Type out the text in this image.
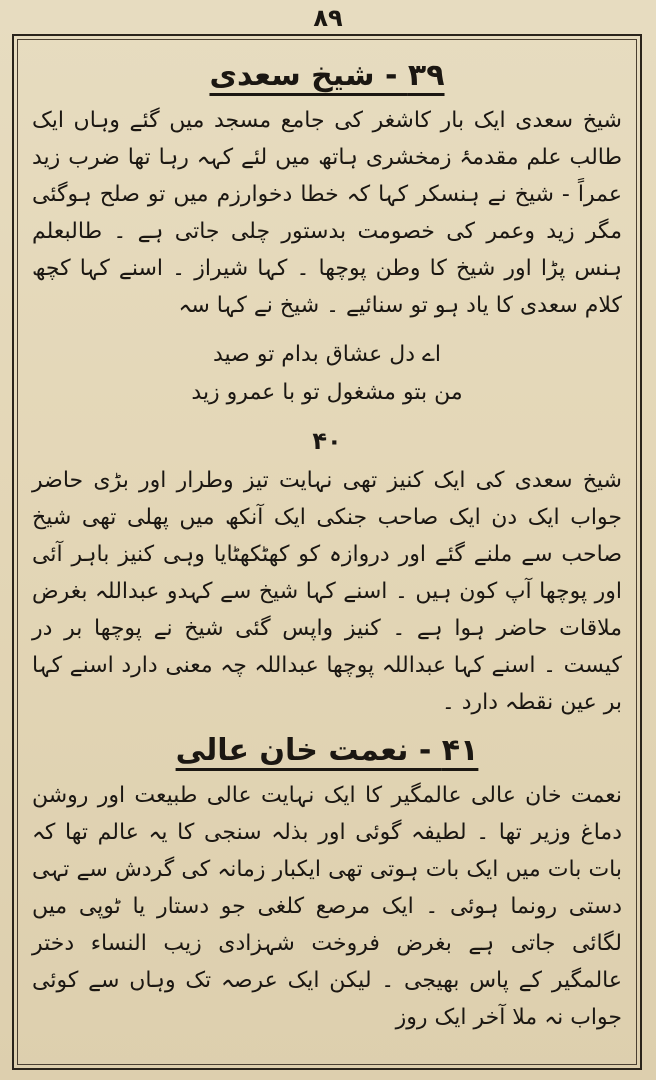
۸۹
۳۹ - شیخ سعدی

شیخ سعدی ایک بار کاشغر کی جامع مسجد میں گئے وہاں ایک طالب علم مقدمۂ زمخشری ہاتھ میں لئے کہہ رہا تھا ضرب زید عمراً - شیخ نے ہنسکر کہا کہ خطا دخوارزم میں تو صلح ہوگئی مگر زید وعمر کی خصومت بدستور چلی جاتی ہے ۔ طالبعلم ہنس پڑا اور شیخ کا وطن پوچھا ۔ کہا شیراز ۔ اسنے کہا کچھ کلام سعدی کا یاد ہو تو سنائیے ۔ شیخ نے کہا سہ

اے دل عشاق بدام تو صید
من بتو مشغول تو با عمرو زید
۴۰

شیخ سعدی کی ایک کنیز تھی نہایت تیز وطرار اور بڑی حاضر جواب ایک دن ایک صاحب جنکی ایک آنکھ میں پھلی تھی شیخ صاحب سے ملنے گئے اور دروازہ کو کھٹکھٹایا وہی کنیز باہر آئی اور پوچھا آپ کون ہیں ۔ اسنے کہا شیخ سے کہدو عبداللہ بغرض ملاقات حاضر ہوا ہے ۔ کنیز واپس گئی شیخ نے پوچھا بر در کیست ۔ اسنے کہا عبداللہ پوچھا عبداللہ چہ معنی دارد اسنے کہا بر عین نقطہ دارد ۔

۴۱ - نعمت خان عالی

نعمت خان عالی عالمگیر کا ایک نہایت عالی طبیعت اور روشن دماغ وزیر تھا ۔ لطیفہ گوئی اور بذلہ سنجی کا یہ عالم تھا کہ بات بات میں ایک بات ہوتی تھی ایکبار زمانہ کی گردش سے تہی دستی رونما ہوئی ۔ ایک مرصع کلغی جو دستار یا ٹوپی میں لگائی جاتی ہے بغرض فروخت شہزادی زیب النساء دختر عالمگیر کے پاس بھیجی ۔ لیکن ایک عرصہ تک وہاں سے کوئی جواب نہ ملا آخر ایک روز
